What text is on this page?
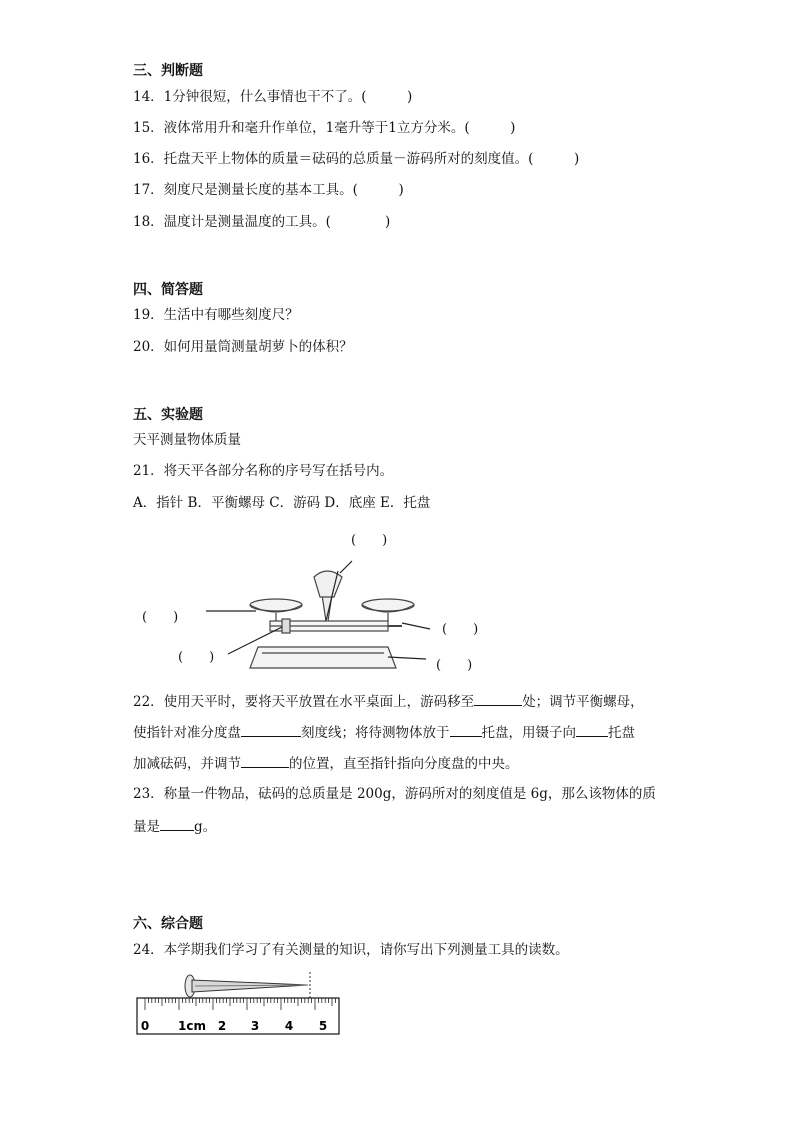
三、判断题
14．1分钟很短，什么事情也干不了。(　　　)
15．液体常用升和毫升作单位，1毫升等于1立方分米。(　　　)
16．托盘天平上物体的质量＝砝码的总质量－游码所对的刻度值。(　　　)
17．刻度尺是测量长度的基本工具。(　　　)
18．温度计是测量温度的工具。(　　　　)
四、简答题
19．生活中有哪些刻度尺？
20．如何用量筒测量胡萝卜的体积？
五、实验题
天平测量物体质量
21．将天平各部分名称的序号写在括号内。
A．指针 B．平衡螺母 C．游码 D．底座 E．托盘
(　　)
(　　)
(　　)
(　　)
(　　)
22．使用天平时，要将天平放置在水平桌面上，游码移至	处；调节平衡螺母，
使指针对准分度盘	刻度线；将待测物体放于 托盘，用镊子向 托盘
加减砝码，并调节	的位置，直至指针指向分度盘的中央。
23．称量一件物品，砝码的总质量是 200g，游码所对的刻度值是 6g，那么该物体的质
量是	g。
六、综合题
24．本学期我们学习了有关测量的知识，请你写出下列测量工具的读数。
0 1cm 2 3 4 5
